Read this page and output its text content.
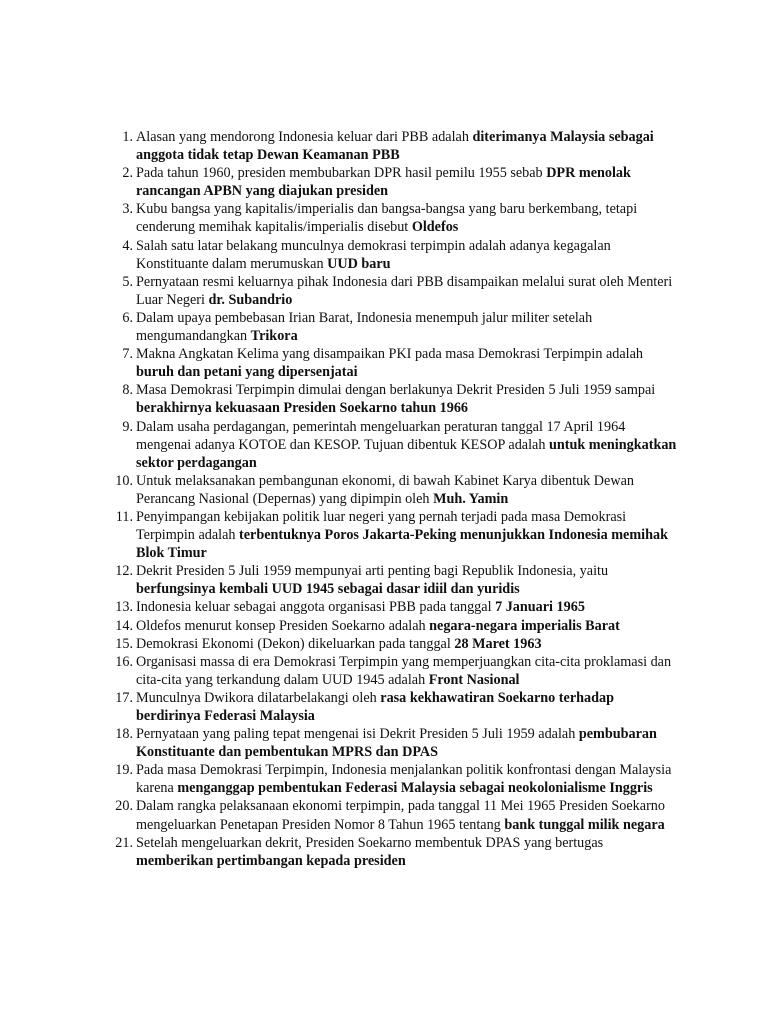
1. Alasan yang mendorong Indonesia keluar dari PBB adalah diterimanya Malaysia sebagai anggota tidak tetap Dewan Keamanan PBB
2. Pada tahun 1960, presiden membubarkan DPR hasil pemilu 1955 sebab DPR menolak rancangan APBN yang diajukan presiden
3. Kubu bangsa yang kapitalis/imperialis dan bangsa-bangsa yang baru berkembang, tetapi cenderung memihak kapitalis/imperialis disebut Oldefos
4. Salah satu latar belakang munculnya demokrasi terpimpin adalah adanya kegagalan Konstituante dalam merumuskan UUD baru
5. Pernyataan resmi keluarnya pihak Indonesia dari PBB disampaikan melalui surat oleh Menteri Luar Negeri dr. Subandrio
6. Dalam upaya pembebasan Irian Barat, Indonesia menempuh jalur militer setelah mengumandangkan Trikora
7. Makna Angkatan Kelima yang disampaikan PKI pada masa Demokrasi Terpimpin adalah buruh dan petani yang dipersenjatai
8. Masa Demokrasi Terpimpin dimulai dengan berlakunya Dekrit Presiden 5 Juli 1959 sampai berakhirnya kekuasaan Presiden Soekarno tahun 1966
9. Dalam usaha perdagangan, pemerintah mengeluarkan peraturan tanggal 17 April 1964 mengenai adanya KOTOE dan KESOP. Tujuan dibentuk KESOP adalah untuk meningkatkan sektor perdagangan
10. Untuk melaksanakan pembangunan ekonomi, di bawah Kabinet Karya dibentuk Dewan Perancang Nasional (Depernas) yang dipimpin oleh Muh. Yamin
11. Penyimpangan kebijakan politik luar negeri yang pernah terjadi pada masa Demokrasi Terpimpin adalah terbentuknya Poros Jakarta-Peking menunjukkan Indonesia memihak Blok Timur
12. Dekrit Presiden 5 Juli 1959 mempunyai arti penting bagi Republik Indonesia, yaitu berfungsinya kembali UUD 1945 sebagai dasar idiil dan yuridis
13. Indonesia keluar sebagai anggota organisasi PBB pada tanggal 7 Januari 1965
14. Oldefos menurut konsep Presiden Soekarno adalah negara-negara imperialis Barat
15. Demokrasi Ekonomi (Dekon) dikeluarkan pada tanggal 28 Maret 1963
16. Organisasi massa di era Demokrasi Terpimpin yang memperjuangkan cita-cita proklamasi dan cita-cita yang terkandung dalam UUD 1945 adalah Front Nasional
17. Munculnya Dwikora dilatarbelakangi oleh rasa kekhawatiran Soekarno terhadap berdirinya Federasi Malaysia
18. Pernyataan yang paling tepat mengenai isi Dekrit Presiden 5 Juli 1959 adalah pembubaran Konstituante dan pembentukan MPRS dan DPAS
19. Pada masa Demokrasi Terpimpin, Indonesia menjalankan politik konfrontasi dengan Malaysia karena menganggap pembentukan Federasi Malaysia sebagai neokolonialisme Inggris
20. Dalam rangka pelaksanaan ekonomi terpimpin, pada tanggal 11 Mei 1965 Presiden Soekarno mengeluarkan Penetapan Presiden Nomor 8 Tahun 1965 tentang bank tunggal milik negara
21. Setelah mengeluarkan dekrit, Presiden Soekarno membentuk DPAS yang bertugas memberikan pertimbangan kepada presiden
